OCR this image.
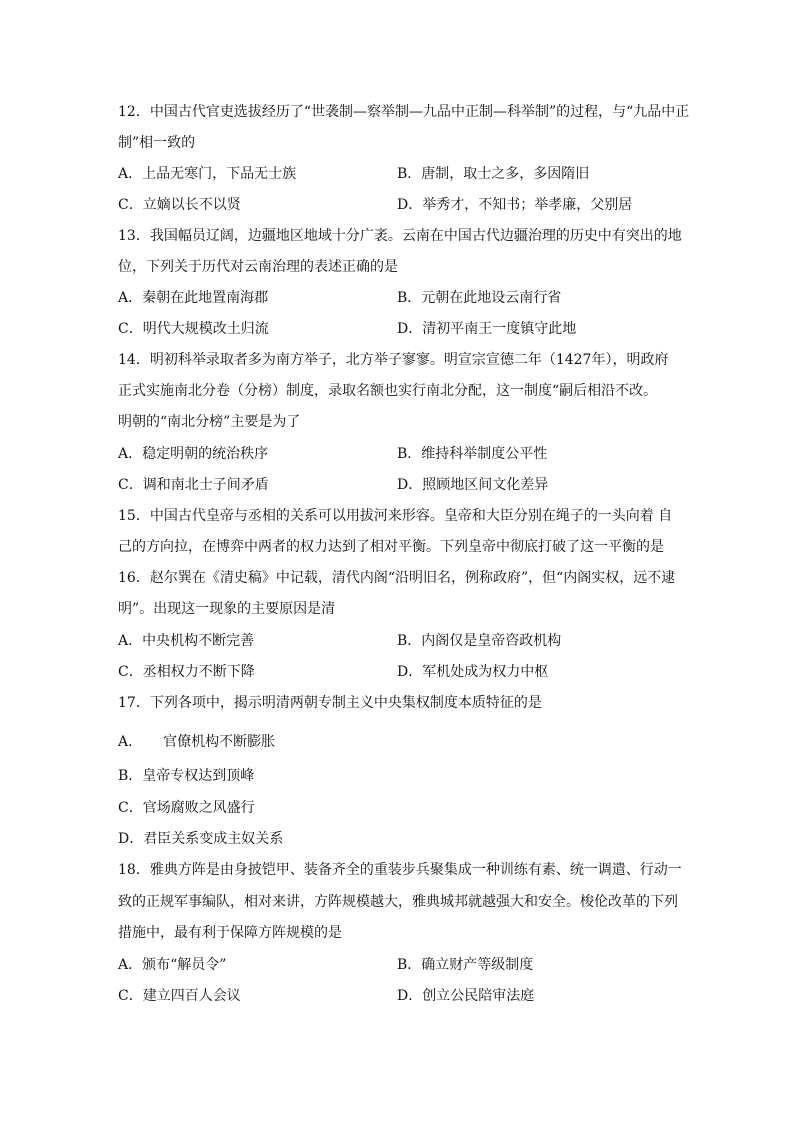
12．中国古代官吏选拔经历了“世袭制—察举制—九品中正制—科举制”的过程，与“九品中正
制”相一致的
A．上品无寒门，下品无士族	B．唐制，取士之多，多因隋旧
C．立嫡以长不以贤	D．举秀才，不知书；举孝廉，父别居
13．我国幅员辽阔，边疆地区地域十分广袤。云南在中国古代边疆治理的历史中有突出的地
位，下列关于历代对云南治理的表述正确的是
A．秦朝在此地置南海郡	B．元朝在此地设云南行省
C．明代大规模改土归流	D．清初平南王一度镇守此地
14．明初科举录取者多为南方举子，北方举子寥寥。明宣宗宣德二年（1427年），明政府
正式实施南北分卷（分榜）制度，录取名额也实行南北分配，这一制度“嗣后相沿不改。
明朝的“南北分榜”主要是为了
A．稳定明朝的统治秩序	B．维持科举制度公平性
C．调和南北士子间矛盾	D．照顾地区间文化差异
15．中国古代皇帝与丞相的关系可以用拔河来形容。皇帝和大臣分别在绳子的一头向着 自
己的方向拉，在博弈中两者的权力达到了相对平衡。下列皇帝中彻底打破了这一平衡的是
16．赵尔巽在《清史稿》中记载，清代内阁“沿明旧名，例称政府”，但“内阁实权，远不逮
明”。出现这一现象的主要原因是清
A．中央机构不断完善	B．内阁仅是皇帝咨政机构
C．丞相权力不断下降	D．军机处成为权力中枢
17．下列各项中，揭示明清两朝专制主义中央集权制度本质特征的是
A．　　官僚机构不断膨胀
B．皇帝专权达到顶峰
C．官场腐败之风盛行
D．君臣关系变成主奴关系
18．雅典方阵是由身披铠甲、装备齐全的重装步兵聚集成一种训练有素、统一调遣、行动一
致的正规军事编队，相对来讲，方阵规模越大，雅典城邦就越强大和安全。梭伦改革的下列
措施中，最有利于保障方阵规模的是
A．颁布“解员令”	B．确立财产等级制度
C．建立四百人会议	D．创立公民陪审法庭
